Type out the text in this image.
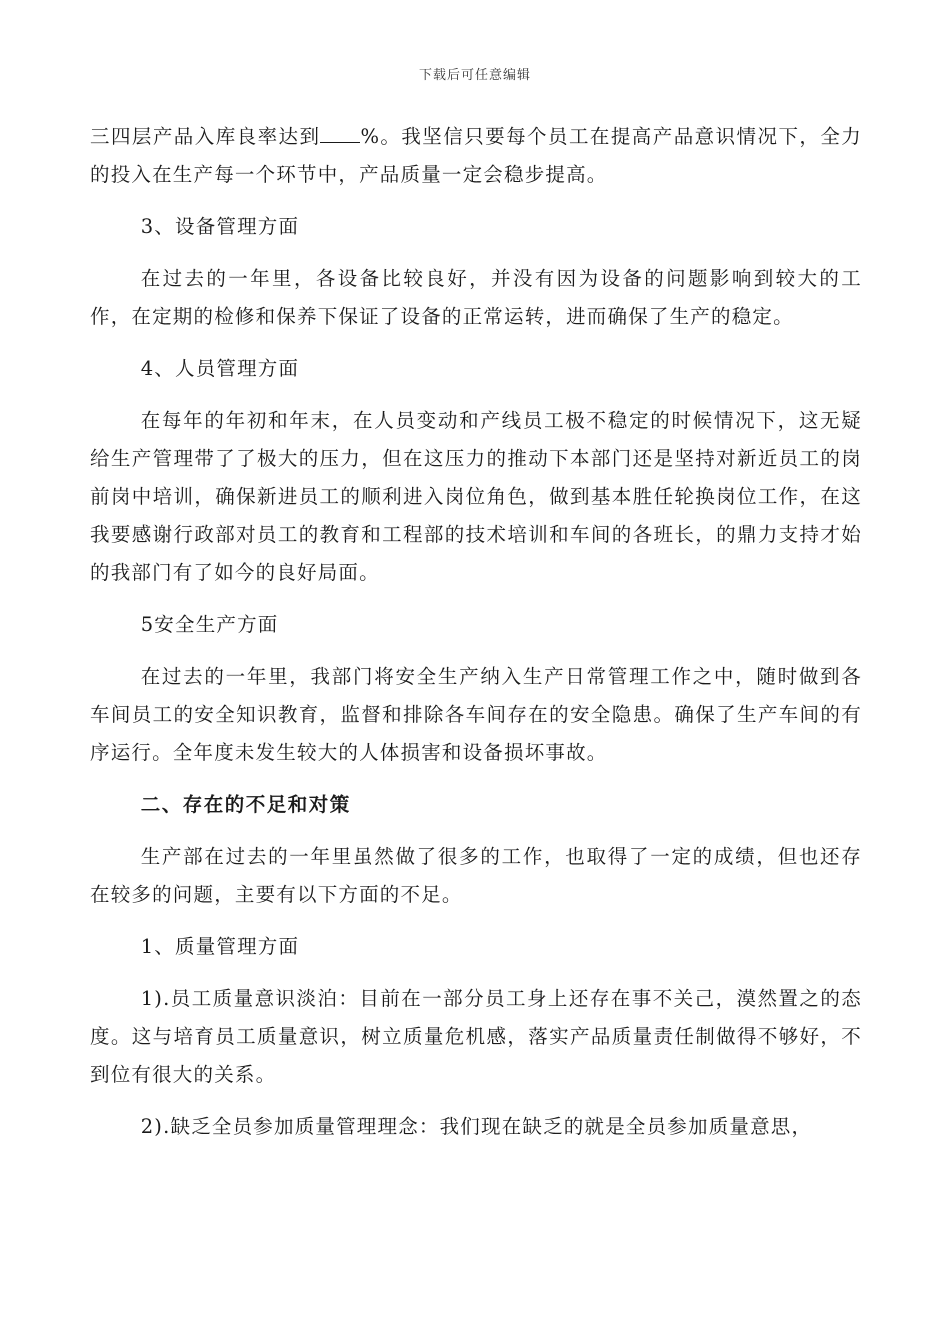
下载后可任意编辑

三四层产品入库良率达到 %。我坚信只要每个员工在提高产品意识情况下，全力的投入在生产每一个环节中，产品质量一定会稳步提高。

3、设备管理方面

在过去的一年里，各设备比较良好，并没有因为设备的问题影响到较大的工作，在定期的检修和保养下保证了设备的正常运转，进而确保了生产的稳定。

4、人员管理方面

在每年的年初和年末，在人员变动和产线员工极不稳定的时候情况下，这无疑给生产管理带了了极大的压力，但在这压力的推动下本部门还是坚持对新近员工的岗前岗中培训，确保新进员工的顺利进入岗位角色，做到基本胜任轮换岗位工作，在这我要感谢行政部对员工的教育和工程部的技术培训和车间的各班长，的鼎力支持才始的我部门有了如今的良好局面。

5安全生产方面

在过去的一年里，我部门将安全生产纳入生产日常管理工作之中，随时做到各车间员工的安全知识教育，监督和排除各车间存在的安全隐患。确保了生产车间的有序运行。全年度未发生较大的人体损害和设备损坏事故。

二、存在的不足和对策

生产部在过去的一年里虽然做了很多的工作，也取得了一定的成绩，但也还存在较多的问题，主要有以下方面的不足。

1、质量管理方面

1).员工质量意识淡泊：目前在一部分员工身上还存在事不关己，漠然置之的态度。这与培育员工质量意识，树立质量危机感，落实产品质量责任制做得不够好，不到位有很大的关系。

2).缺乏全员参加质量管理理念：我们现在缺乏的就是全员参加质量意思，
